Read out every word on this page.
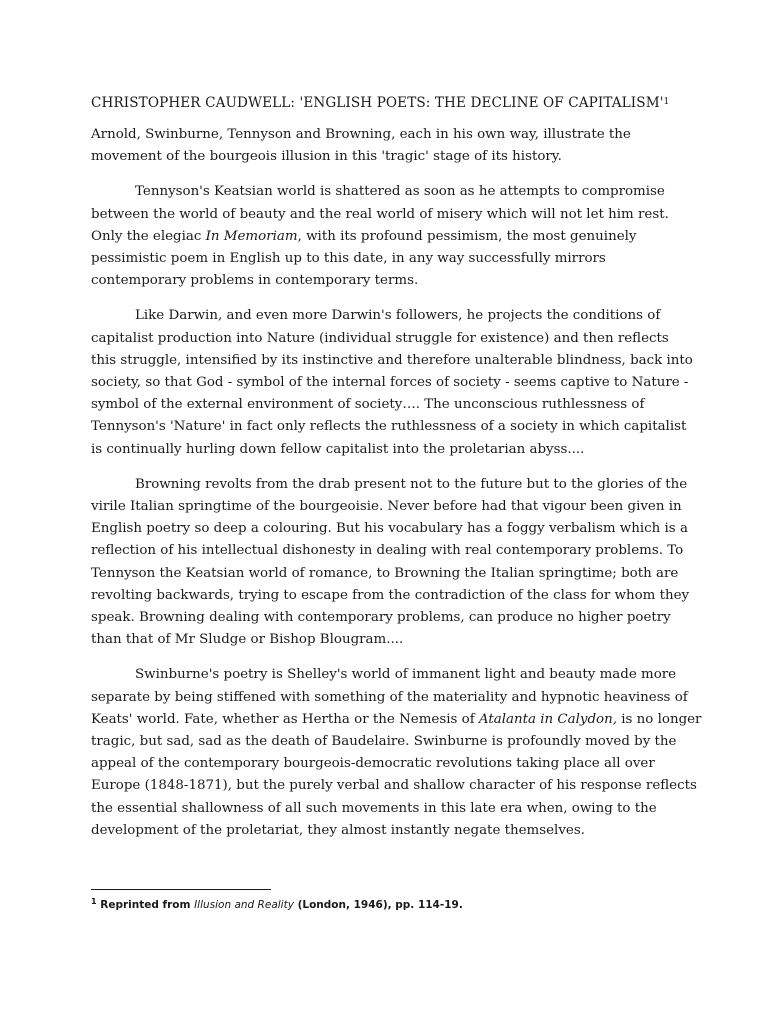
CHRISTOPHER CAUDWELL: 'ENGLISH POETS: THE DECLINE OF $CAPITALISM'^1$
Arnold, Swinburne, Tennyson and Browning, each in his own way, illustrate the
movement of the bourgeois illusion in this 'tragic' stage of its history.
Tennyson's Keatsian world is shattered as soon as he attempts to compromise
between the world of beauty and the real world of misery which will not let him rest.
Only the elegiac In Memoriam, with its profound pessimism, the most genuinely
pessimistic poem in English up to this date, in any way successfully mirrors
contemporary problems in contemporary terms.
Like Darwin, and even more Darwin's followers, he projects the conditions of
capitalist production into Nature (individual struggle for existence) and then reflects
this struggle, intensified by its instinctive and therefore unalterable blindness, back into
society, so that God - symbol of the internal forces of society - seems captive to Nature -
symbol of the external environment of society…. The unconscious ruthlessness of
Tennyson's 'Nature' in fact only reflects the ruthlessness of a society in which capitalist
is continually hurling down fellow capitalist into the proletarian abyss....
Browning revolts from the drab present not to the future but to the glories of the
virile Italian springtime of the bourgeoisie. Never before had that vigour been given in
English poetry so deep a colouring. But his vocabulary has a foggy verbalism which is a
reflection of his intellectual dishonesty in dealing with real contemporary problems. To
Tennyson the Keatsian world of romance, to Browning the Italian springtime; both are
revolting backwards, trying to escape from the contradiction of the class for whom they
speak. Browning dealing with contemporary problems, can produce no higher poetry
than that of Mr Sludge or Bishop Blougram....
Swinburne's poetry is Shelley's world of immanent light and beauty made more
separate by being stiffened with something of the materiality and hypnotic heaviness of
Keats' world. Fate, whether as Hertha or the Nemesis of Atalanta in Calydon, is no longer
tragic, but sad, sad as the death of Baudelaire. Swinburne is profoundly moved by the
appeal of the contemporary bourgeois-democratic revolutions taking place all over
Europe (1848-1871), but the purely verbal and shallow character of his response reflects
the essential shallowness of all such movements in this late era when, owing to the
development of the proletariat, they almost instantly negate themselves.
$^1$ Reprinted from Illusion and Reality (London, 1946), pp. 114-19.
